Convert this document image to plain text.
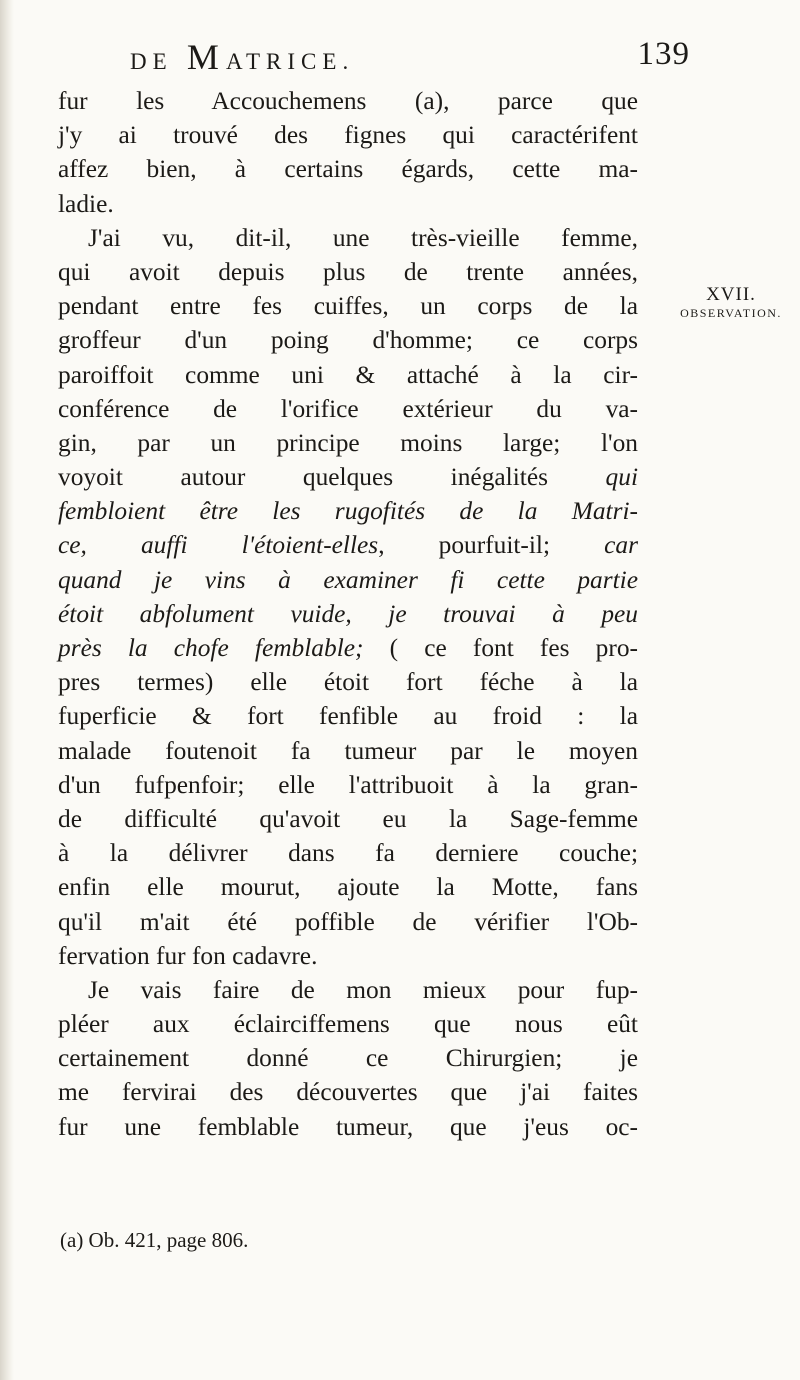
DE MATRICE.	139
fur les Accouchemens (a), parce que
j'y ai trouvé des fignes qui caractérifent
affez bien, à certains égards, cette ma-
ladie.
J'ai vu, dit-il, une très-vieille femme,
qui avoit depuis plus de trente années,
pendant entre fes cuiffes, un corps de la
groffeur d'un poing d'homme; ce corps
paroiffoit comme uni & attaché à la cir-
conférence de l'orifice extérieur du va-
gin, par un principe moins large; l'on
voyoit autour quelques inégalités qui
fembloient être les rugofités de la Matri-
ce, auffi l'étoient-elles, pourfuit-il; car
quand je vins à examiner fi cette partie
étoit abfolument vuide, je trouvai à peu
près la chofe femblable; ( ce font fes pro-
pres termes) elle étoit fort féche à la
fuperficie & fort fenfible au froid : la
malade foutenoit fa tumeur par le moyen
d'un fufpenfoir; elle l'attribuoit à la gran-
de difficulté qu'avoit eu la Sage-femme
à la délivrer dans fa derniere couche;
enfin elle mourut, ajoute la Motte, fans
qu'il m'ait été poffible de vérifier l'Ob-
fervation fur fon cadavre.
Je vais faire de mon mieux pour fup-
pléer aux éclairciffemens que nous eût
certainement donné ce Chirurgien; je
me fervirai des découvertes que j'ai faites
fur une femblable tumeur, que j'eus oc-
XVII.
OBSERVATION.
(a) Ob. 421, page 806.
